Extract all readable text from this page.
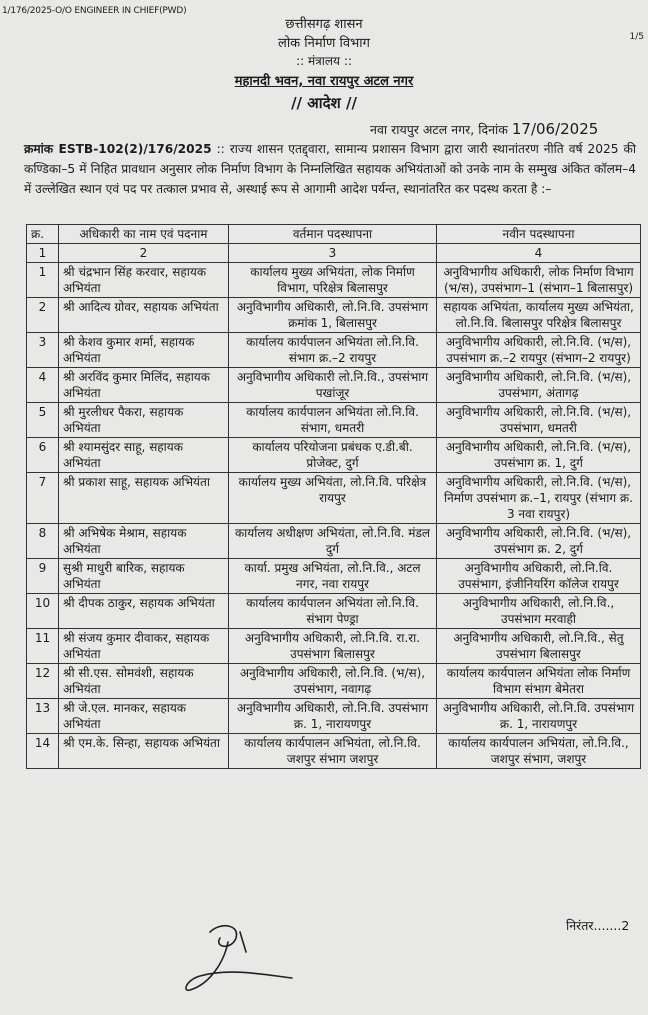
1/176/2025-O/O ENGINEER IN CHIEF(PWD)
1/5
छत्तीसगढ़ शासन
लोक निर्माण विभाग
:: मंत्रालय ::
महानदी भवन, नवा रायपुर अटल नगर
// आदेश //
नवा रायपुर अटल नगर, दिनांक 17/06/2025
क्रमांक ESTB-102(2)/176/2025 :: राज्य शासन एतद्द्वारा, सामान्य प्रशासन विभाग द्वारा जारी स्थानांतरण नीति वर्ष 2025 की कण्डिका–5 में निहित प्रावधान अनुसार लोक निर्माण विभाग के निम्नलिखित सहायक अभियंताओं को उनके नाम के सम्मुख अंकित कॉलम–4 में उल्लेखित स्थान एवं पद पर तत्काल प्रभाव से, अस्थाई रूप से आगामी आदेश पर्यन्त, स्थानांतरित कर पदस्थ करता है :–
क्र.	अधिकारी का नाम एवं पदनाम	वर्तमान पदस्थापना	नवीन पदस्थापना
1	2	3	4
1	श्री चंद्रभान सिंह करवार, सहायक अभियंता	कार्यालय मुख्य अभियंता, लोक निर्माण विभाग, परिक्षेत्र बिलासपुर	अनुविभागीय अधिकारी, लोक निर्माण विभाग (भ/स), उपसंभाग–1 (संभाग–1 बिलासपुर)
2	श्री आदित्य ग्रोवर, सहायक अभियंता	अनुविभागीय अधिकारी, लो.नि.वि. उपसंभाग क्रमांक 1, बिलासपुर	सहायक अभियंता, कार्यालय मुख्य अभियंता, लो.नि.वि. बिलासपुर परिक्षेत्र बिलासपुर
3	श्री केशव कुमार शर्मा, सहायक अभियंता	कार्यालय कार्यपालन अभियंता लो.नि.वि. संभाग क्र.–2 रायपुर	अनुविभागीय अधिकारी, लो.नि.वि. (भ/स), उपसंभाग क्र.–2 रायपुर (संभाग–2 रायपुर)
4	श्री अरविंद कुमार मिलिंद, सहायक अभियंता	अनुविभागीय अधिकारी लो.नि.वि., उपसंभाग पखांजूर	अनुविभागीय अधिकारी, लो.नि.वि. (भ/स), उपसंभाग, अंतागढ़
5	श्री मुरलीधर पैकरा, सहायक अभियंता	कार्यालय कार्यपालन अभियंता लो.नि.वि. संभाग, धमतरी	अनुविभागीय अधिकारी, लो.नि.वि. (भ/स), उपसंभाग, धमतरी
6	श्री श्यामसुंदर साहू, सहायक अभियंता	कार्यालय परियोजना प्रबंधक ए.डी.बी. प्रोजेक्ट, दुर्ग	अनुविभागीय अधिकारी, लो.नि.वि. (भ/स), उपसंभाग क्र. 1, दुर्ग
7	श्री प्रकाश साहू, सहायक अभियंता	कार्यालय मुख्य अभियंता, लो.नि.वि. परिक्षेत्र रायपुर	अनुविभागीय अधिकारी, लो.नि.वि. (भ/स), निर्माण उपसंभाग क्र.–1, रायपुर (संभाग क्र. 3 नवा रायपुर)
8	श्री अभिषेक मेश्राम, सहायक अभियंता	कार्यालय अधीक्षण अभियंता, लो.नि.वि. मंडल दुर्ग	अनुविभागीय अधिकारी, लो.नि.वि. (भ/स), उपसंभाग क्र. 2, दुर्ग
9	सुश्री माधुरी बारिक, सहायक अभियंता	कार्या. प्रमुख अभियंता, लो.नि.वि., अटल नगर, नवा रायपुर	अनुविभागीय अधिकारी, लो.नि.वि. उपसंभाग, इंजीनियरिंग कॉलेज रायपुर
10	श्री दीपक ठाकुर, सहायक अभियंता	कार्यालय कार्यपालन अभियंता लो.नि.वि. संभाग पेण्ड्रा	अनुविभागीय अधिकारी, लो.नि.वि., उपसंभाग मरवाही
11	श्री संजय कुमार दीवाकर, सहायक अभियंता	अनुविभागीय अधिकारी, लो.नि.वि. रा.रा. उपसंभाग बिलासपुर	अनुविभागीय अधिकारी, लो.नि.वि., सेतु उपसंभाग बिलासपुर
12	श्री सी.एस. सोमवंशी, सहायक अभियंता	अनुविभागीय अधिकारी, लो.नि.वि. (भ/स), उपसंभाग, नवागढ़	कार्यालय कार्यपालन अभियंता लोक निर्माण विभाग संभाग बेमेतरा
13	श्री जे.एल. मानकर, सहायक अभियंता	अनुविभागीय अधिकारी, लो.नि.वि. उपसंभाग क्र. 1, नारायणपुर	अनुविभागीय अधिकारी, लो.नि.वि. उपसंभाग क्र. 1, नारायणपुर
14	श्री एम.के. सिन्हा, सहायक अभियंता	कार्यालय कार्यपालन अभियंता, लो.नि.वि. जशपुर संभाग जशपुर	कार्यालय कार्यपालन अभियंता, लो.नि.वि., जशपुर संभाग, जशपुर
निरंतर.......2
